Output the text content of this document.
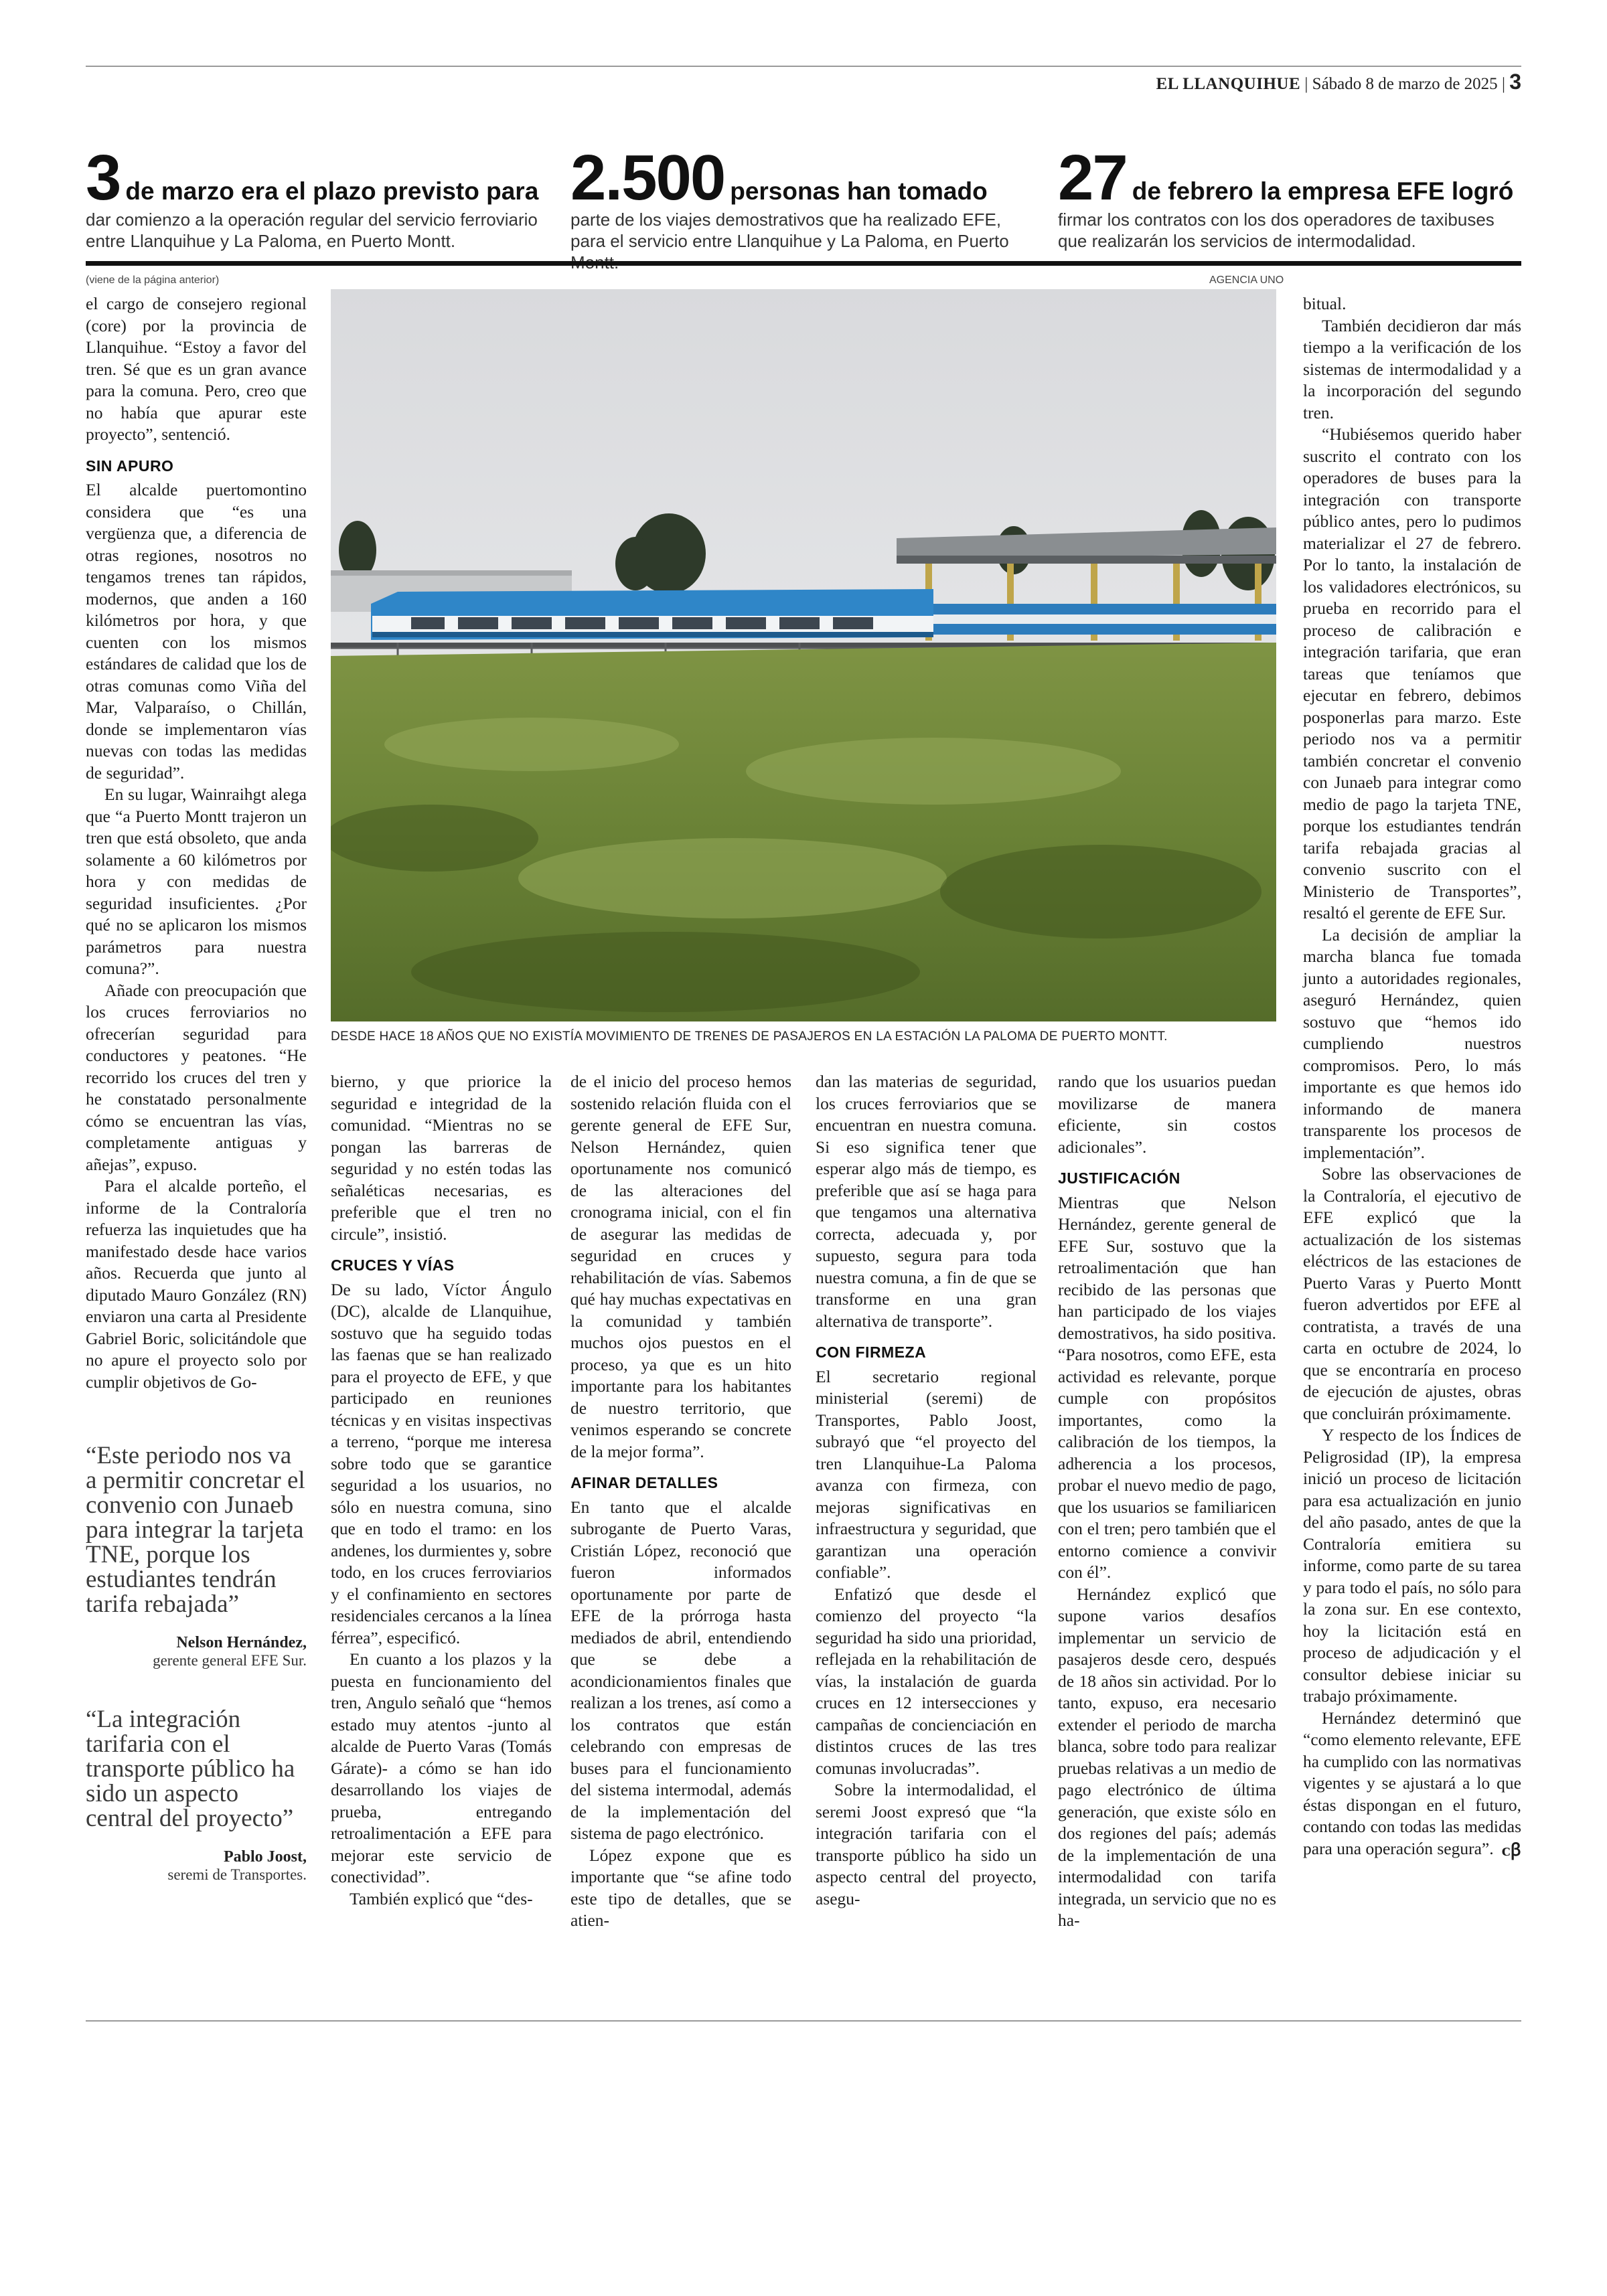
EL LLANQUIHUE | Sábado 8 de marzo de 2025 | 3
3 de marzo era el plazo previsto para
dar comienzo a la operación regular del servicio ferroviario entre Llanquihue y La Paloma, en Puerto Montt.
2.500 personas han tomado
parte de los viajes demostrativos que ha realizado EFE, para el servicio entre Llanquihue y La Paloma, en Puerto
27 de febrero la empresa EFE logró
firmar los contratos con los dos operadores de taxibuses que realizarán los servicios de intermodalidad.
(viene de la página anterior)	AGENCIA UNO
DESDE HACE 18 AÑOS QUE NO EXISTÍA MOVIMIENTO DE TRENES DE PASAJEROS EN LA ESTACIÓN LA PALOMA DE PUERTO MONTT.

el cargo de consejero regional (core) por la provincia de Llanquihue. “Estoy a favor del tren. Sé que es un gran avance para la comuna. Pero, creo que no había que apurar este proyecto”, sentenció.

SIN APURO

El alcalde puertomontino considera que “es una vergüenza que, a diferencia de otras regiones, nosotros no tengamos trenes tan rápidos, modernos, que anden a 160 kilómetros por hora, y que cuenten con los mismos estándares de calidad que los de otras comunas como Viña del Mar, Valparaíso, o Chillán, donde se implementaron vías nuevas con todas las medidas de seguridad”.

En su lugar, Wainraihgt alega que “a Puerto Montt trajeron un tren que está obsoleto, que anda solamente a 60 kilómetros por hora y con medidas de seguridad insuficientes. ¿Por qué no se aplicaron los mismos parámetros para nuestra comuna?”.

Añade con preocupación que los cruces ferroviarios no ofrecerían seguridad para conductores y peatones. “He recorrido los cruces del tren y he constatado personalmente cómo se encuentran las vías, completamente antiguas y añejas”, expuso.

Para el alcalde porteño, el informe de la Contraloría refuerza las inquietudes que ha manifestado desde hace varios años. Recuerda que junto al diputado Mauro González (RN) enviaron una carta al Presidente Gabriel Boric, solicitándole que no apure el proyecto solo por cumplir objetivos de Go-

bierno, y que priorice la seguridad e integridad de la comunidad. “Mientras no se pongan las barreras de seguridad y no estén todas las señaléticas necesarias, es preferible que el tren no circule”, insistió.

CRUCES Y VÍAS

De su lado, Víctor Ángulo (DC), alcalde de Llanquihue, sostuvo que ha seguido todas las faenas que se han realizado para el proyecto de EFE, y que participado en reuniones técnicas y en visitas inspectivas a terreno, “porque me interesa sobre todo que se garantice seguridad a los usuarios, no sólo en nuestra comuna, sino que en todo el tramo: en los andenes, los durmientes y, sobre todo, en los cruces ferroviarios y el confinamiento en sectores residenciales cercanos a la línea férrea”, especificó.

En cuanto a los plazos y la puesta en funcionamiento del tren, Angulo señaló que “hemos estado muy atentos -junto al alcalde de Puerto Varas (Tomás Gárate)- a cómo se han ido desarrollando los viajes de prueba, entregando retroalimentación a EFE para mejorar este servicio de conectividad”.

También explicó que “des-

de el inicio del proceso hemos sostenido relación fluida con el gerente general de EFE Sur, Nelson Hernández, quien oportunamente nos comunicó de las alteraciones del cronograma inicial, con el fin de asegurar las medidas de seguridad en cruces y rehabilitación de vías. Sabemos qué hay muchas expectativas en la comunidad y también muchos ojos puestos en el proceso, ya que es un hito importante para los habitantes de nuestro territorio, que venimos esperando se concrete de la mejor forma”.

AFINAR DETALLES

En tanto que el alcalde subrogante de Puerto Varas, Cristián López, reconoció que fueron informados oportunamente por parte de EFE de la prórroga hasta mediados de abril, entendiendo que se debe a acondicionamientos finales que realizan a los trenes, así como a los contratos que están celebrando con empresas de buses para el funcionamiento del sistema intermodal, además de la implementación del sistema de pago electrónico.

López expone que es importante que “se afine todo este tipo de detalles, que se atien-

dan las materias de seguridad, los cruces ferroviarios que se encuentran en nuestra comuna. Si eso significa tener que esperar algo más de tiempo, es preferible que así se haga para que tengamos una alternativa correcta, adecuada y, por supuesto, segura para toda nuestra comuna, a fin de que se transforme en una gran alternativa de transporte”.

CON FIRMEZA

El secretario regional ministerial (seremi) de Transportes, Pablo Joost, subrayó que “el proyecto del tren Llanquihue-La Paloma avanza con firmeza, con mejoras significativas en infraestructura y seguridad, que garantizan una operación confiable”.

Enfatizó que desde el comienzo del proyecto “la seguridad ha sido una prioridad, reflejada en la rehabilitación de vías, la instalación de guarda cruces en 12 intersecciones y campañas de concienciación en distintos cruces de las tres comunas involucradas”.

Sobre la intermodalidad, el seremi Joost expresó que “la integración tarifaria con el transporte público ha sido un aspecto central del proyecto, asegu-

rando que los usuarios puedan movilizarse de manera eficiente, sin costos adicionales”.

JUSTIFICACIÓN

Mientras que Nelson Hernández, gerente general de EFE Sur, sostuvo que la retroalimentación que han recibido de las personas que han participado de los viajes demostrativos, ha sido positiva. “Para nosotros, como EFE, esta actividad es relevante, porque cumple con propósitos importantes, como la calibración de los tiempos, la adherencia a los procesos, probar el nuevo medio de pago, que los usuarios se familiaricen con el tren; pero también que el entorno comience a convivir con él”.

Hernández explicó que supone varios desafíos implementar un servicio de pasajeros desde cero, después de 18 años sin actividad. Por lo tanto, expuso, era necesario extender el periodo de marcha blanca, sobre todo para realizar pruebas relativas a un medio de pago electrónico de última generación, que existe sólo en dos regiones del país; además de la implementación de una intermodalidad con tarifa integrada, un servicio que no es ha-

bitual.

También decidieron dar más tiempo a la verificación de los sistemas de intermodalidad y a la incorporación del segundo tren.

“Hubiésemos querido haber suscrito el contrato con los operadores de buses para la integración con transporte público antes, pero lo pudimos materializar el 27 de febrero. Por lo tanto, la instalación de los validadores electrónicos, su prueba en recorrido para el proceso de calibración e integración tarifaria, que eran tareas que teníamos que ejecutar en febrero, debimos posponerlas para marzo. Este periodo nos va a permitir también concretar el convenio con Junaeb para integrar como medio de pago la tarjeta TNE, porque los estudiantes tendrán tarifa rebajada gracias al convenio suscrito con el Ministerio de Transportes”, resaltó el gerente de EFE Sur.

La decisión de ampliar la marcha blanca fue tomada junto a autoridades regionales, aseguró Hernández, quien sostuvo que “hemos ido cumpliendo nuestros compromisos. Pero, lo más importante es que hemos ido informando de manera transparente los procesos de implementación”.

Sobre las observaciones de la Contraloría, el ejecutivo de EFE explicó que la actualización de los sistemas eléctricos de las estaciones de Puerto Varas y Puerto Montt fueron advertidos por EFE al contratista, a través de una carta en octubre de 2024, lo que se encontraría en proceso de ejecución de ajustes, obras que concluirán próximamente.

Y respecto de los Índices de Peligrosidad (IP), la empresa inició un proceso de licitación para esa actualización en junio del año pasado, antes de que la Contraloría emitiera su informe, como parte de su tarea y para todo el país, no sólo para la zona sur. En ese contexto, hoy la licitación está en proceso de adjudicación y el consultor debiese iniciar su trabajo próximamente.

Hernández determinó que “como elemento relevante, EFE ha cumplido con las normativas vigentes y se ajustará a lo que éstas dispongan en el futuro, contando con todas las medidas para una operación segura”. ᴄꞵ
“Este periodo nos va a permitir concretar el convenio con Junaeb para integrar la tarjeta TNE, porque los estudiantes tendrán tarifa rebajada”
Nelson Hernández,
gerente general EFE Sur.
“La integración tarifaria con el transporte público ha sido un aspecto central del proyecto”
Pablo Joost,
seremi de Transportes.
